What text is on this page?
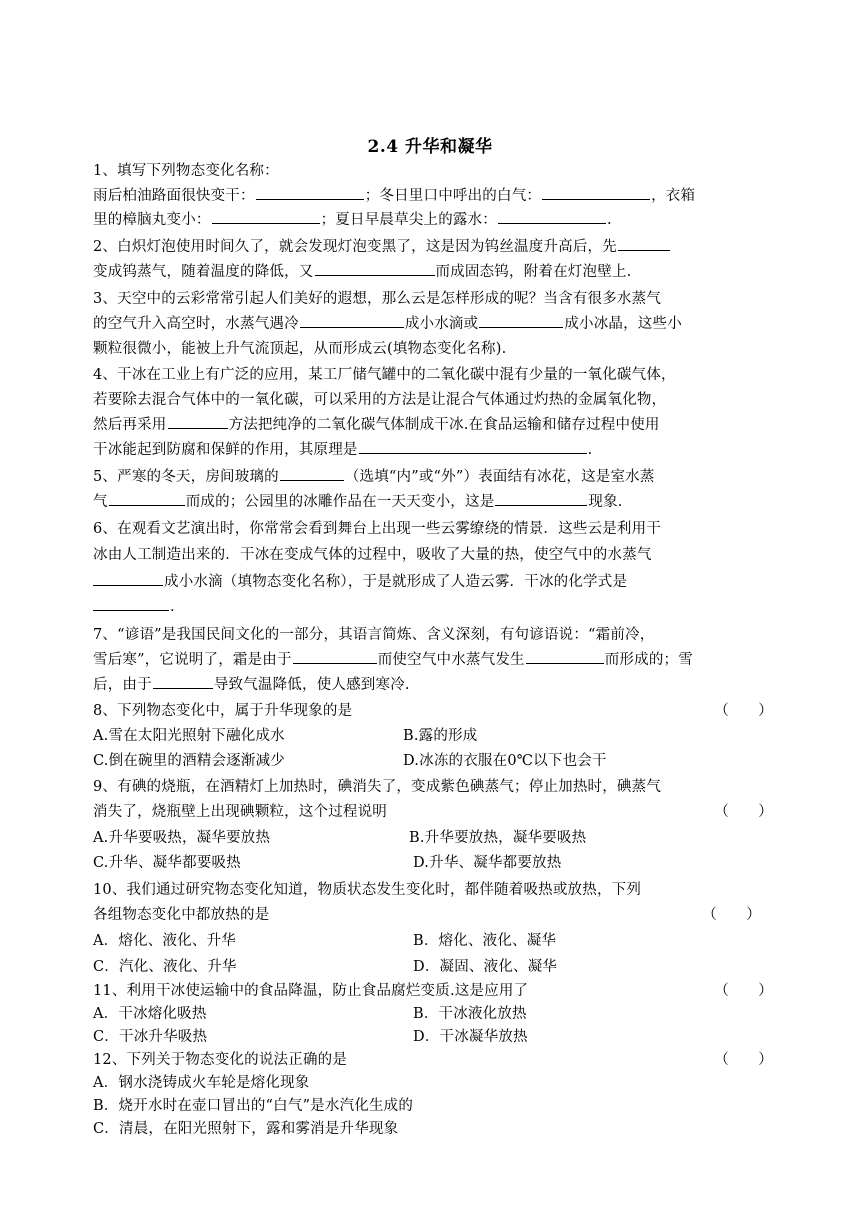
2.4 升华和凝华
1、填写下列物态变化名称：
雨后柏油路面很快变干：	；冬日里口中呼出的白气：	，衣箱
里的樟脑丸变小：	；夏日早晨草尖上的露水：	.
2、白炽灯泡使用时间久了，就会发现灯泡变黑了，这是因为钨丝温度升高后，先
变成钨蒸气，随着温度的降低，又	而成固态钨，附着在灯泡壁上.
3、天空中的云彩常常引起人们美好的遐想，那么云是怎样形成的呢？当含有很多水蒸气
的空气升入高空时，水蒸气遇冷	成小水滴或	成小冰晶，这些小
颗粒很微小，能被上升气流顶起，从而形成云(填物态变化名称).
4、干冰在工业上有广泛的应用，某工厂储气罐中的二氧化碳中混有少量的一氧化碳气体，
若要除去混合气体中的一氧化碳，可以采用的方法是让混合气体通过灼热的金属氧化物，
然后再采用	方法把纯净的二氧化碳气体制成干冰.在食品运输和储存过程中使用
干冰能起到防腐和保鲜的作用，其原理是	.
5、严寒的冬天，房间玻璃的	（选填“内”或“外”）表面结有冰花，这是室水蒸
气	而成的；公园里的冰雕作品在一天天变小，这是	现象.
6、在观看文艺演出时，你常常会看到舞台上出现一些云雾缭绕的情景．这些云是利用干
冰由人工制造出来的．干冰在变成气体的过程中，吸收了大量的热，使空气中的水蒸气
成小水滴（填物态变化名称），于是就形成了人造云雾．干冰的化学式是
.
7、“谚语”是我国民间文化的一部分，其语言简炼、含义深刻，有句谚语说：“霜前冷，
雪后寒”，它说明了，霜是由于	而使空气中水蒸气发生	而形成的；雪
后，由于	导致气温降低，使人感到寒冷.
8、下列物态变化中，属于升华现象的是	（　　）
A.雪在太阳光照射下融化成水	B.露的形成
C.倒在碗里的酒精会逐渐减少	D.冰冻的衣服在0℃以下也会干
9、有碘的烧瓶，在酒精灯上加热时，碘消失了，变成紫色碘蒸气；停止加热时，碘蒸气
消失了，烧瓶壁上出现碘颗粒，这个过程说明	（　　）
A.升华要吸热，凝华要放热	B.升华要放热，凝华要吸热
C.升华、凝华都要吸热	D.升华、凝华都要放热
10、我们通过研究物态变化知道，物质状态发生变化时，都伴随着吸热或放热，下列
各组物态变化中都放热的是	（　　）
A．熔化、液化、升华	B．熔化、液化、凝华
C．汽化、液化、升华	D．凝固、液化、凝华
11、利用干冰使运输中的食品降温，防止食品腐烂变质.这是应用了	（　　）
A．干冰熔化吸热	B．干冰液化放热
C．干冰升华吸热	D．干冰凝华放热
12、下列关于物态变化的说法正确的是	（　　）
A．钢水浇铸成火车轮是熔化现象
B．烧开水时在壶口冒出的“白气”是水汽化生成的
C．清晨，在阳光照射下，露和雾消是升华现象
